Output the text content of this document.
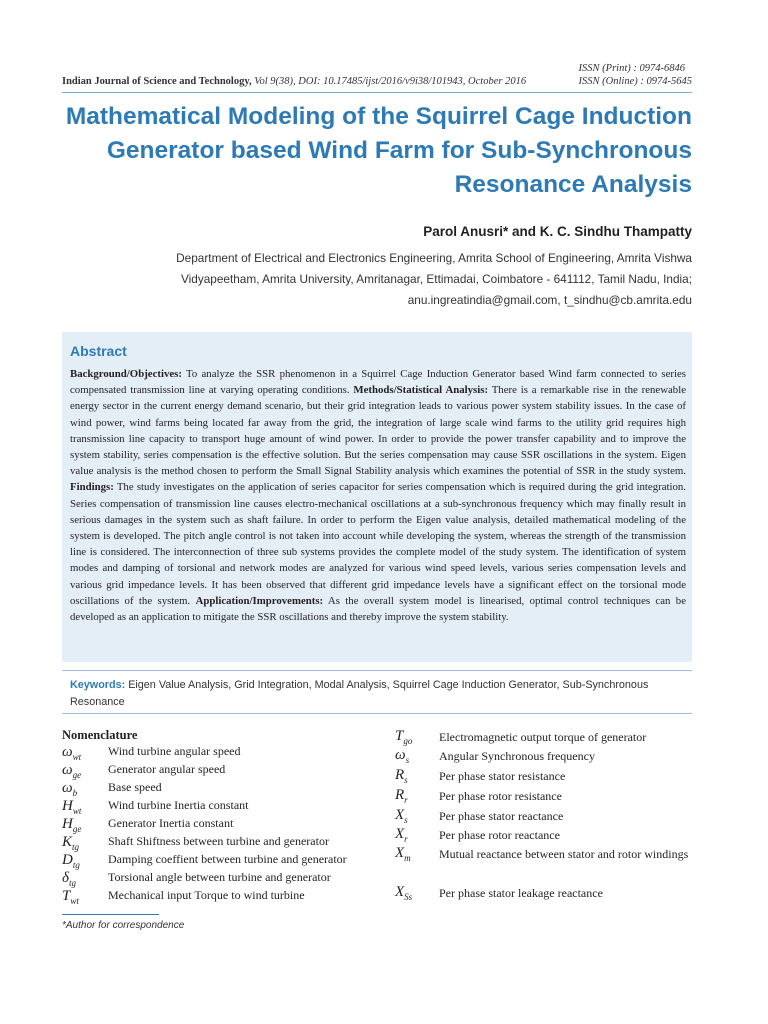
ISSN (Print) : 0974-6846
ISSN (Online) : 0974-5645
Indian Journal of Science and Technology, Vol 9(38), DOI: 10.17485/ijst/2016/v9i38/101943, October 2016
Mathematical Modeling of the Squirrel Cage Induction
Generator based Wind Farm for Sub-Synchronous
Resonance Analysis
Parol Anusri* and K. C. Sindhu Thampatty
Department of Electrical and Electronics Engineering, Amrita School of Engineering, Amrita Vishwa
Vidyapeetham, Amrita University, Amritanagar, Ettimadai, Coimbatore - 641112, Tamil Nadu, India;
anu.ingreatindia@gmail.com, t_sindhu@cb.amrita.edu
Abstract
Background/Objectives: To analyze the SSR phenomenon in a Squirrel Cage Induction Generator based Wind farm connected to series compensated transmission line at varying operating conditions. Methods/Statistical Analysis: There is a remarkable rise in the renewable energy sector in the current energy demand scenario, but their grid integration leads to various power system stability issues. In the case of wind power, wind farms being located far away from the grid, the integration of large scale wind farms to the utility grid requires high transmission line capacity to transport huge amount of wind power. In order to provide the power transfer capability and to improve the system stability, series compensation is the effective solution. But the series compensation may cause SSR oscillations in the system. Eigen value analysis is the method chosen to perform the Small Signal Stability analysis which examines the potential of SSR in the study system. Findings: The study investigates on the application of series capacitor for series compensation which is required during the grid integration. Series compensation of transmission line causes electro-mechanical oscillations at a sub-synchronous frequency which may finally result in serious damages in the system such as shaft failure. In order to perform the Eigen value analysis, detailed mathematical modeling of the system is developed. The pitch angle control is not taken into account while developing the system, whereas the strength of the transmission line is considered. The interconnection of three sub systems provides the complete model of the study system. The identification of system modes and damping of torsional and network modes are analyzed for various wind speed levels, various series compensation levels and various grid impedance levels. It has been observed that different grid impedance levels have a significant effect on the torsional mode oscillations of the system. Application/Improvements: As the overall system model is linearised, optimal control techniques can be developed as an application to mitigate the SSR oscillations and thereby improve the system stability.
Keywords: Eigen Value Analysis, Grid Integration, Modal Analysis, Squirrel Cage Induction Generator, Sub-Synchronous Resonance
Nomenclature
$\omega_{wt}$ Wind turbine angular speed
$\omega_{ge}$ Generator angular speed
$\omega_b$	Base speed
$H_{wt}$ Wind turbine Inertia constant
$H_{ge}$ Generator Inertia constant
$K_{tg}$ Shaft Shiftness between turbine and generator
$D_{tg}$ Damping coeffient between turbine and generator
$\delta_{tg}$	Torsional angle between turbine and generator
$T_{wt}$ Mechanical input Torque to wind turbine
$T_{go}$ Electromagnetic output torque of generator
$\omega_s$ Angular Synchronous frequency
$R_s$	Per phase stator resistance
$R_r$	Per phase rotor resistance
$X_s$	Per phase stator reactance
$X_r$	Per phase rotor reactance
$X_m$ Mutual reactance between stator and rotor windings
$X_{Ss}$ Per phase stator leakage reactance
*Author for correspondence
